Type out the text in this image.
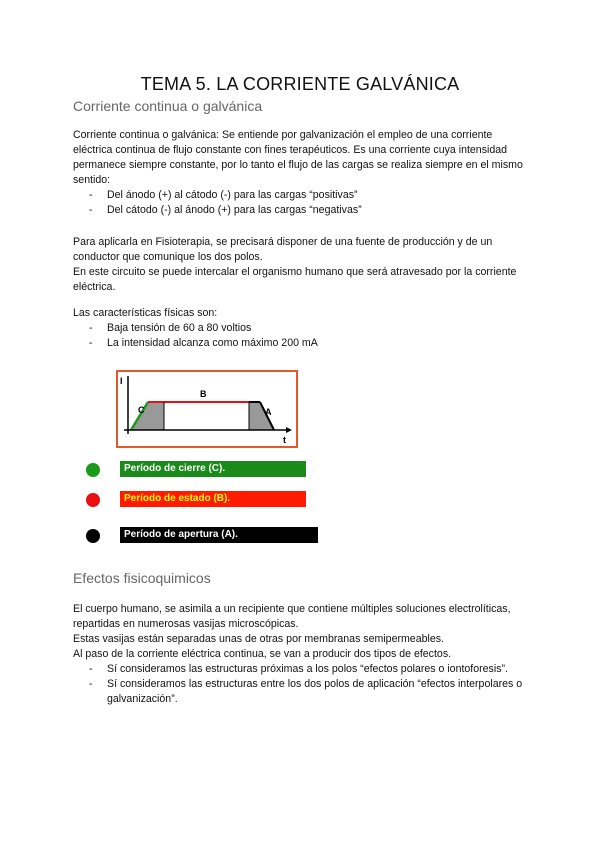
TEMA 5. LA CORRIENTE GALVÁNICA
Corriente continua o galvánica

Corriente continua o galvánica: Se entiende por galvanización el empleo de una corriente eléctrica continua de flujo constante con fines terapéuticos. Es una corriente cuya intensidad permanece siempre constante, por lo tanto el flujo de las cargas se realiza siempre en el mismo sentido:

- Del ánodo (+) al cátodo (-) para las cargas “positivas”
- Del cátodo (-) al ánodo (+) para las cargas “negativas”

Para aplicarla en Fisioterapia, se precisará disponer de una fuente de producción y de un conductor que comunique los dos polos.

En este circuito se puede intercalar el organismo humano que será atravesado por la corriente eléctrica.

Las características físicas son:

- Baja tensión de 60 a 80 voltios
- La intensidad alcanza como máximo 200 mA
I
t
C
B
A
Período de cierre (C).
Período de estado (B).
Período de apertura (A).
Efectos fisicoquimicos

El cuerpo humano, se asimila a un recipiente que contiene múltiples soluciones electrolíticas, repartidas en numerosas vasijas microscópicas.

Estas vasijas están separadas unas de otras por membranas semipermeables.

Al paso de la corriente eléctrica continua, se van a producir dos tipos de efectos.

- Sí consideramos las estructuras próximas a los polos “efectos polares o iontoforesis”.
- Sí consideramos las estructuras entre los dos polos de aplicación “efectos interpolares o galvanización”.
